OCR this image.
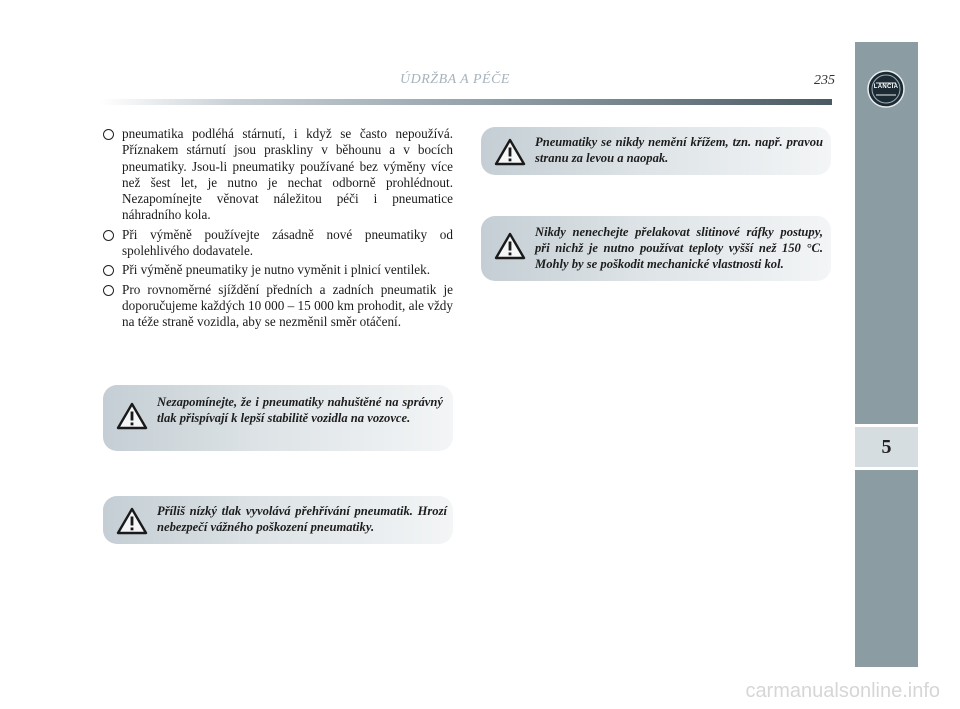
ÚDRŽBA A PÉČE	235	LANCIA
5
pneumatika podléhá stárnutí, i když se často nepoužívá. Příznakem stárnutí jsou praskliny v běhounu a v bocích pneumatiky. Jsou-li pneumatiky používané bez výměny více než šest let, je nutno je nechat odborně prohlédnout. Nezapomínejte věnovat náležitou péči i pneumatice náhradního kola.
Při výměně používejte zásadně nové pneumatiky od spolehlivého dodavatele.
Při výměně pneumatiky je nutno vyměnit i plnicí ventilek.
Pro rovnoměrné sjíždění předních a zadních pneumatik je doporučujeme každých 10 000 – 15 000 km prohodit, ale vždy na téže straně vozidla, aby se nezměnil směr otáčení.
Nezapomínejte, že i pneumatiky nahuštěné na správný tlak přispívají k lepší stabilitě vozidla na vozovce.
Příliš nízký tlak vyvolává přehřívání pneumatik. Hrozí nebezpečí vážného poškození pneumatiky.
Pneumatiky se nikdy nemění křížem, tzn. např. pravou stranu za levou a naopak.
Nikdy nenechejte přelakovat slitinové ráfky postupy, při nichž je nutno používat teploty vyšší než 150 °C. Mohly by se poškodit mechanické vlastnosti kol.
carmanualsonline.info
